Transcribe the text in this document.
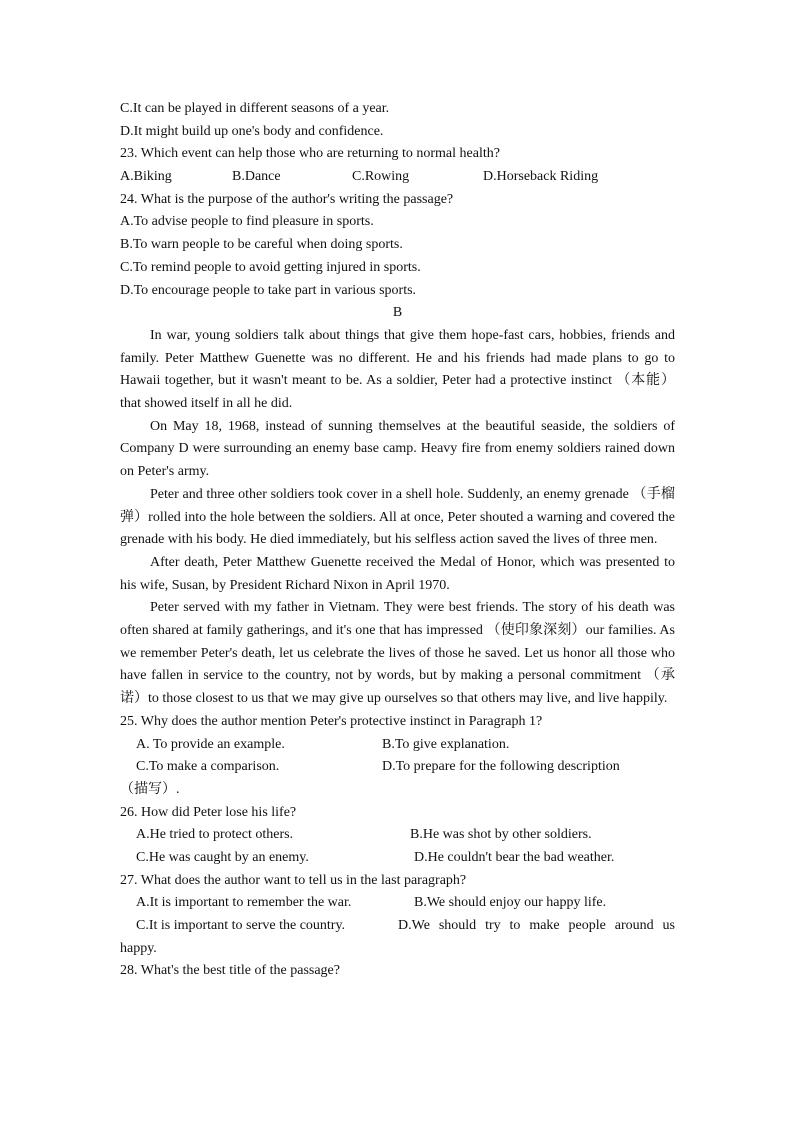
C.It can be played in different seasons of a year.
D.It might build up one's body and confidence.
23. Which event can help those who are returning to normal health?
A.Biking	B.Dance	C.Rowing	D.Horseback Riding
24. What is the purpose of the author's writing the passage?
A.To advise people to find pleasure in sports.
B.To warn people to be careful when doing sports.
C.To remind people to avoid getting injured in sports.
D.To encourage people to take part in various sports.
B

In war, young soldiers talk about things that give them hope-fast cars, hobbies, friends and family. Peter Matthew Guenette was no different. He and his friends had made plans to go to Hawaii together, but it wasn't meant to be. As a soldier, Peter had a protective instinct （本能）that showed itself in all he did.

On May 18, 1968, instead of sunning themselves at the beautiful seaside, the soldiers of Company D were surrounding an enemy base camp. Heavy fire from enemy soldiers rained down on Peter's army.

Peter and three other soldiers took cover in a shell hole. Suddenly, an enemy grenade （手榴弹）rolled into the hole between the soldiers. All at once, Peter shouted a warning and covered the grenade with his body. He died immediately, but his selfless action saved the lives of three men.

After death, Peter Matthew Guenette received the Medal of Honor, which was presented to his wife, Susan, by President Richard Nixon in April 1970.

Peter served with my father in Vietnam. They were best friends. The story of his death was often shared at family gatherings, and it's one that has impressed （使印象深刻）our families. As we remember Peter's death, let us celebrate the lives of those he saved. Let us honor all those who have fallen in service to the country, not by words, but by making a personal commitment （承诺）to those closest to us that we may give up ourselves so that others may live, and live happily.

25. Why does the author mention Peter's protective instinct in Paragraph 1?
A. To provide an example.	B.To give explanation.
C.To make a comparison.	D.To prepare for the following description
（描写）.
26. How did Peter lose his life?
A.He tried to protect others.	B.He was shot by other soldiers.
C.He was caught by an enemy.	D.He couldn't bear the bad weather.
27. What does the author want to tell us in the last paragraph?
A.It is important to remember the war.	B.We should enjoy our happy life.
C.It is important to serve the country.	D.We should try to make people around us happy.
28. What's the best title of the passage?
